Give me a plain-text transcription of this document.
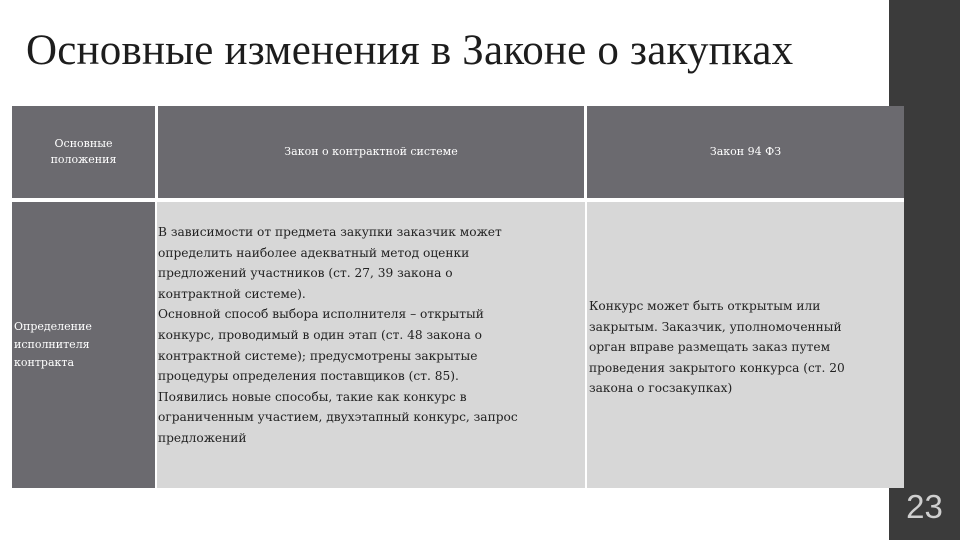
Основные изменения в Законе о закупках
23
Основные
положения
Закон о контрактной системе	Закон 94 ФЗ
Определение
исполнителя
контракта
В зависимости от предмета закупки заказчик может
определить наиболее адекватный метод оценки
предложений участников (ст. 27, 39 закона о
контрактной системе).
Основной способ выбора исполнителя – открытый
конкурс, проводимый в один этап (ст. 48 закона о
контрактной системе); предусмотрены закрытые
процедуры определения поставщиков (ст. 85).
Появились новые способы, такие как конкурс в
ограниченным участием, двухэтапный конкурс, запрос
предложений
Конкурс может быть открытым или
закрытым. Заказчик, уполномоченный
орган вправе размещать заказ путем
проведения закрытого конкурса (ст. 20
закона о госзакупках)
